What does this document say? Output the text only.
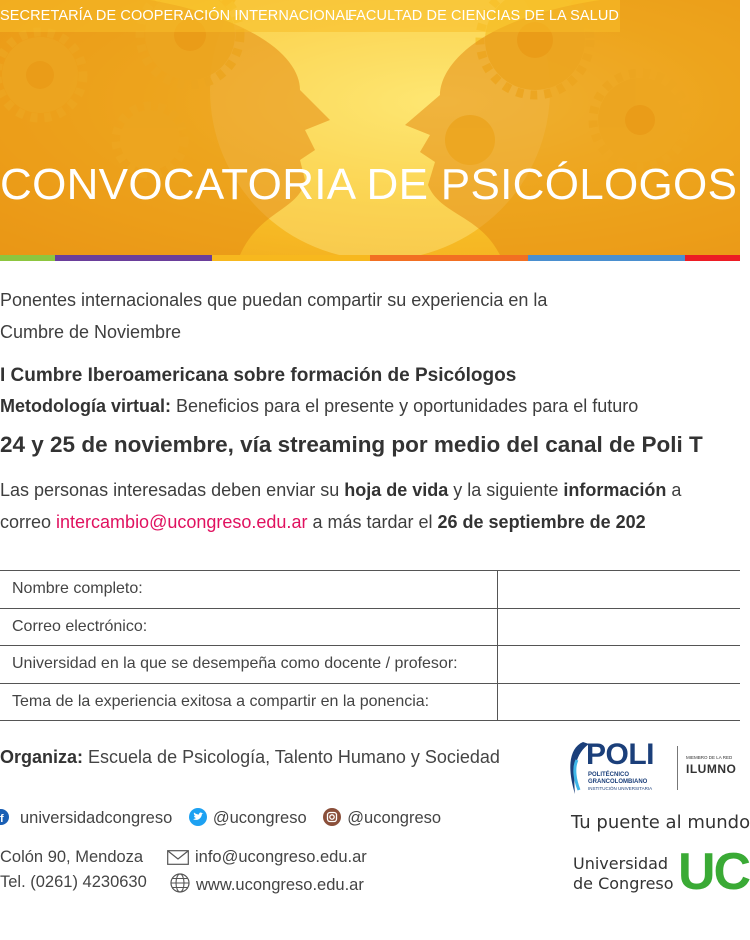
SECRETARÍA DE COOPERACIÓN INTERNACIONAL
FACULTAD DE CIENCIAS DE LA SALUD
CONVOCATORIA DE PSICÓLOGOS
Ponentes internacionales que puedan compartir su experiencia en la
Cumbre de Noviembre
I Cumbre Iberoamericana sobre formación de Psicólogos
Metodología virtual: Beneficios para el presente y oportunidades para el futuro
24 y 25 de noviembre, vía streaming por medio del canal de Poli T
Las personas interesadas deben enviar su hoja de vida y la siguiente información a
correo intercambio@ucongreso.edu.ar a más tardar el 26 de septiembre de 202
Nombre completo:
Correo electrónico:
Universidad en la que se desempeña como docente / profesor:
Tema de la experiencia exitosa a compartir en la ponencia:
Organiza: Escuela de Psicología, Talento Humano y Sociedad
f universidadcongreso @ucongreso @ucongreso
Colón 90, Mendoza
Tel. (0261) 4230630
info@ucongreso.edu.ar
www.ucongreso.edu.ar
POLI
POLITÉCNICO
GRANCOLOMBIANO
INSTITUCIÓN UNIVERSITARIA
MIEMBRO DE LA RED
ILUMNO
Tu puente al mundo
Universidad
de Congreso UC
